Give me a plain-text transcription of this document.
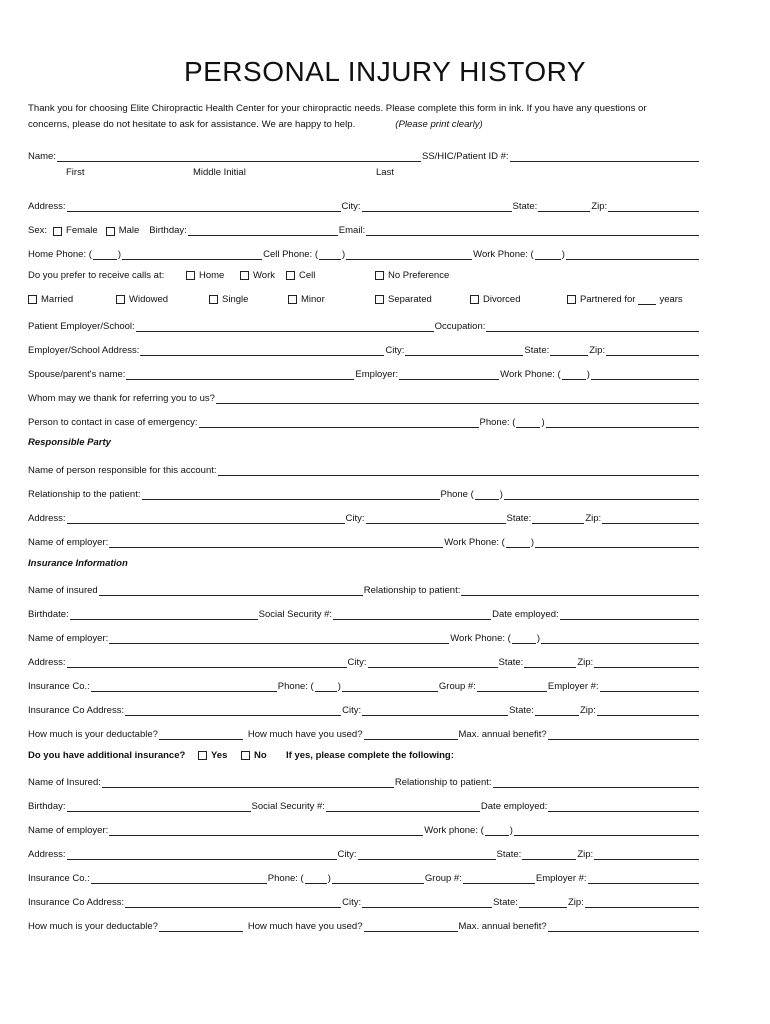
PERSONAL INJURY HISTORY
Thank you for choosing Elite Chiropractic Health Center for your chiropractic needs. Please complete this form in ink. If you have any questions or
concerns, please do not hesitate to ask for assistance. We are happy to help.	(Please print clearly)
Name:	SS/HIC/Patient ID #:
First	Middle Initial	Last
Address:	City:	State:	Zip:
Sex: Female Male Birthday:	Email:
Home Phone: (	)	Cell Phone: (	)	Work Phone: (	)
Do you prefer to receive calls at:	Home	Work	Cell	No Preference
Married	Widowed	Single	Minor	Separated	Divorced	Partnered for	years
Patient Employer/School:	Occupation:
Employer/School Address:	City:	State:	Zip:
Spouse/parent's name:	Employer:	Work Phone: (	)
Whom may we thank for referring you to us?
Person to contact in case of emergency:	Phone: (	)
Responsible Party
Name of person responsible for this account:
Relationship to the patient:	Phone (	)
Address:	City:	State:	Zip:
Name of employer:	Work Phone: (	)
Insurance Information
Name of insured	Relationship to patient:
Birthdate:	Social Security #:	Date employed:
Name of employer:	Work Phone: (	)
Address:	City:	State:	Zip:
Insurance Co.:	Phone: (	)	Group #:	Employer #:
Insurance Co Address:	City:	State:	Zip:
How much is your deductable?	How much have you used?	Max. annual benefit?
Do you have additional insurance?	Yes	No If yes, please complete the following:
Name of Insured:	Relationship to patient:
Birthday:	Social Security #:	Date employed:
Name of employer:	Work phone: (	)
Address:	City:	State:	Zip:
Insurance Co.:	Phone: (	)	Group #:	Employer #:
Insurance Co Address:	City:	State:	Zip:
How much is your deductable?	How much have you used?	Max. annual benefit?
